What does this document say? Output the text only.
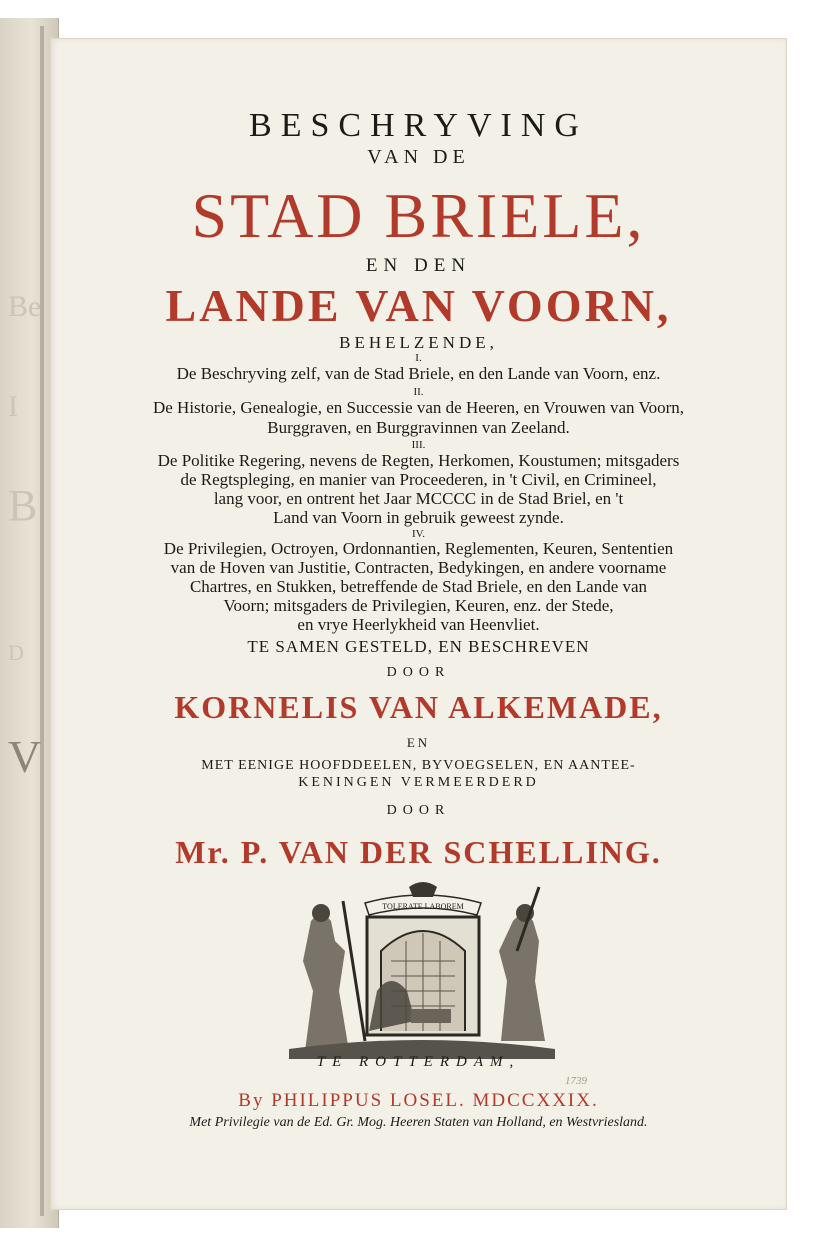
Be
I
B
D
V
BESCHRYVING
VAN DE
STAD BRIELE,
EN DEN
LANDE VAN VOORN,
BEHELZENDE,
I.
De Beschryving zelf, van de Stad Briele, en den Lande van Voorn, enz.
II.
De Historie, Genealogie, en Successie van de Heeren, en Vrouwen van Voorn,
Burggraven, en Burggravinnen van Zeeland.
III.
De Politike Regering, nevens de Regten, Herkomen, Koustumen; mitsgaders
de Regtspleging, en manier van Proceederen, in 't Civil, en Crimineel,
lang voor, en ontrent het Jaar MCCCC in de Stad Briel, en 't
Land van Voorn in gebruik geweest zynde.
IV.
De Privilegien, Octroyen, Ordonnantien, Reglementen, Keuren, Sententien
van de Hoven van Justitie, Contracten, Bedykingen, en andere voorname
Chartres, en Stukken, betreffende de Stad Briele, en den Lande van
Voorn; mitsgaders de Privilegien, Keuren, enz. der Stede,
en vrye Heerlykheid van Heenvliet.
TE SAMEN GESTELD, EN BESCHREVEN
DOOR
KORNELIS VAN ALKEMADE,
EN
MET EENIGE HOOFDDEELEN, BYVOEGSELEN, EN AANTEE-
KENINGEN VERMEERDERD
DOOR
Mr. P. VAN DER SCHELLING.
TOLERATE LABOREM
TE ROTTERDAM,
1739
By PHILIPPUS LOSEL. MDCCXXIX.
Met Privilegie van de Ed. Gr. Mog. Heeren Staten van Holland, en Westvriesland.
